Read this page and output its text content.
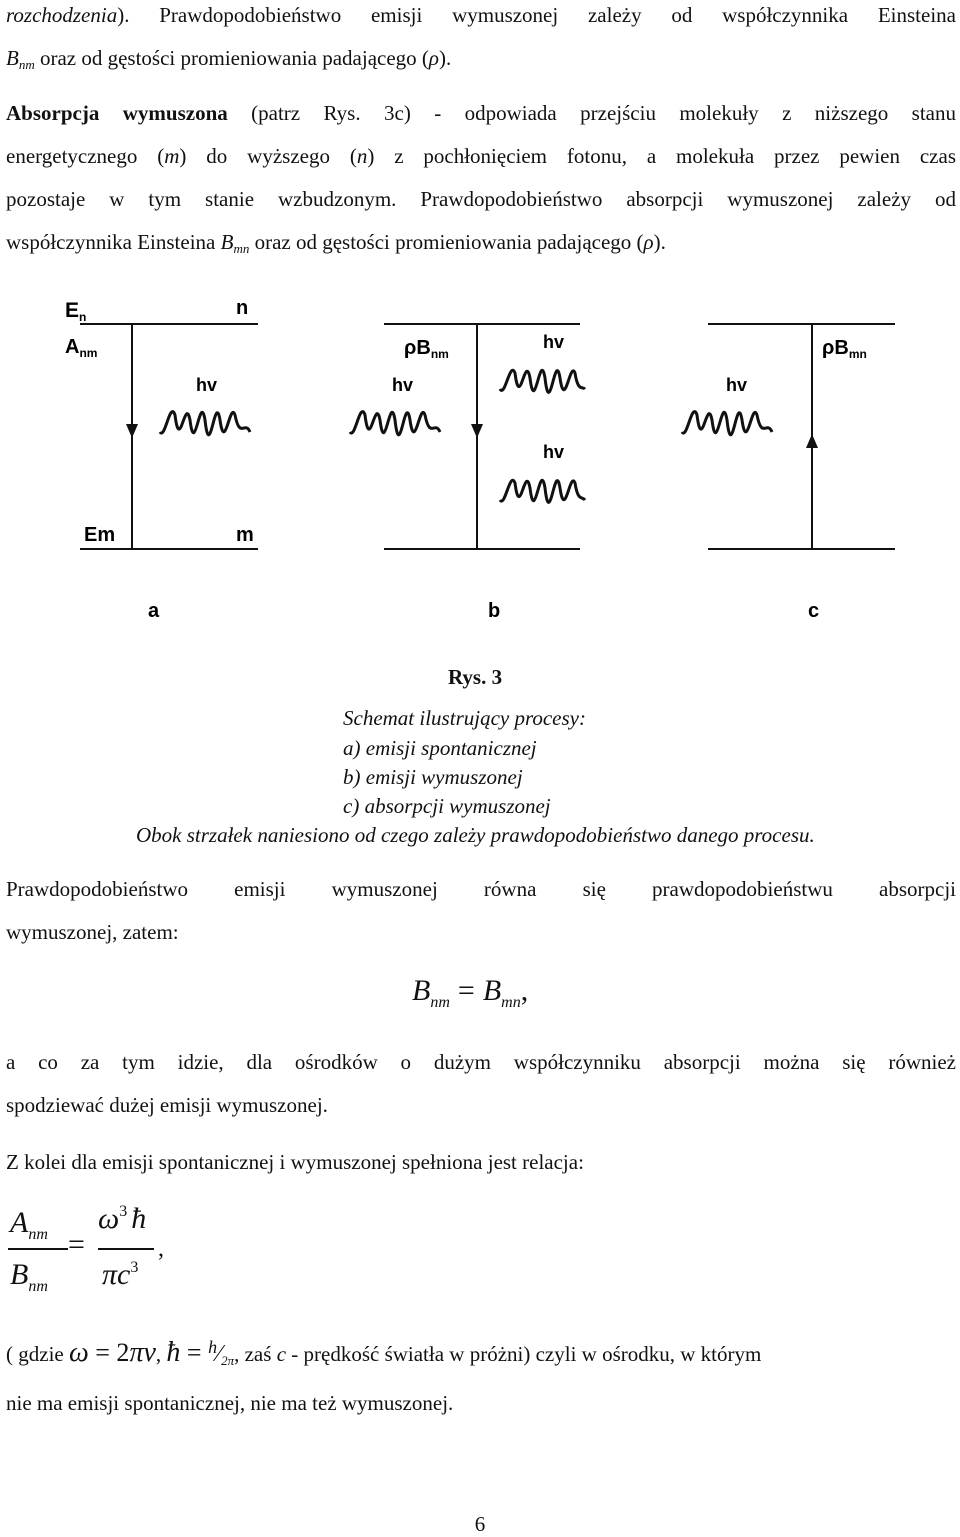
rozchodzenia). Prawdopodobieństwo emisji wymuszonej zależy od współczynnika Einsteina
$B_{nm}$ oraz od gęstości promieniowania padającego (ρ).
Absorpcja wymuszona (patrz Rys. 3c) - odpowiada przejściu molekuły z niższego stanu
energetycznego (m) do wyższego (n) z pochłonięciem fotonu, a molekuła przez pewien czas
pozostaje w tym stanie wzbudzonym. Prawdopodobieństwo absorpcji wymuszonej zależy od
współczynnika Einsteina $B_{mn}$ oraz od gęstości promieniowania padającego (ρ).
En	n
$A_{nm}$
hv
Em	m
a
$\rho B_{nm}$
hv
hv
hv
b
$\rho B_{mn}$
hv
c
Rys. 3
Schemat ilustrujący procesy:
a) emisji spontanicznej
b) emisji wymuszonej
c) absorpcji wymuszonej
Obok strzałek naniesiono od czego zależy prawdopodobieństwo danego procesu.
Prawdopodobieństwo emisji wymuszonej równa się prawdopodobieństwu absorpcji
wymuszonej, zatem:
$B_{nm} = B_{mn}$,
a co za tym idzie, dla ośrodków o dużym współczynniku absorpcji można się również
spodziewać dużej emisji wymuszonej.
Z kolei dla emisji spontanicznej i wymuszonej spełniona jest relacja:
$A_{nm}$
$B_{nm}$
=
$\omega^3$ ħ
$\pi c^3$
,
( gdzie ω = 2πν, ħ = h⁄2π, zaś c - prędkość światła w próżni) czyli w ośrodku, w którym
nie ma emisji spontanicznej, nie ma też wymuszonej.
6
